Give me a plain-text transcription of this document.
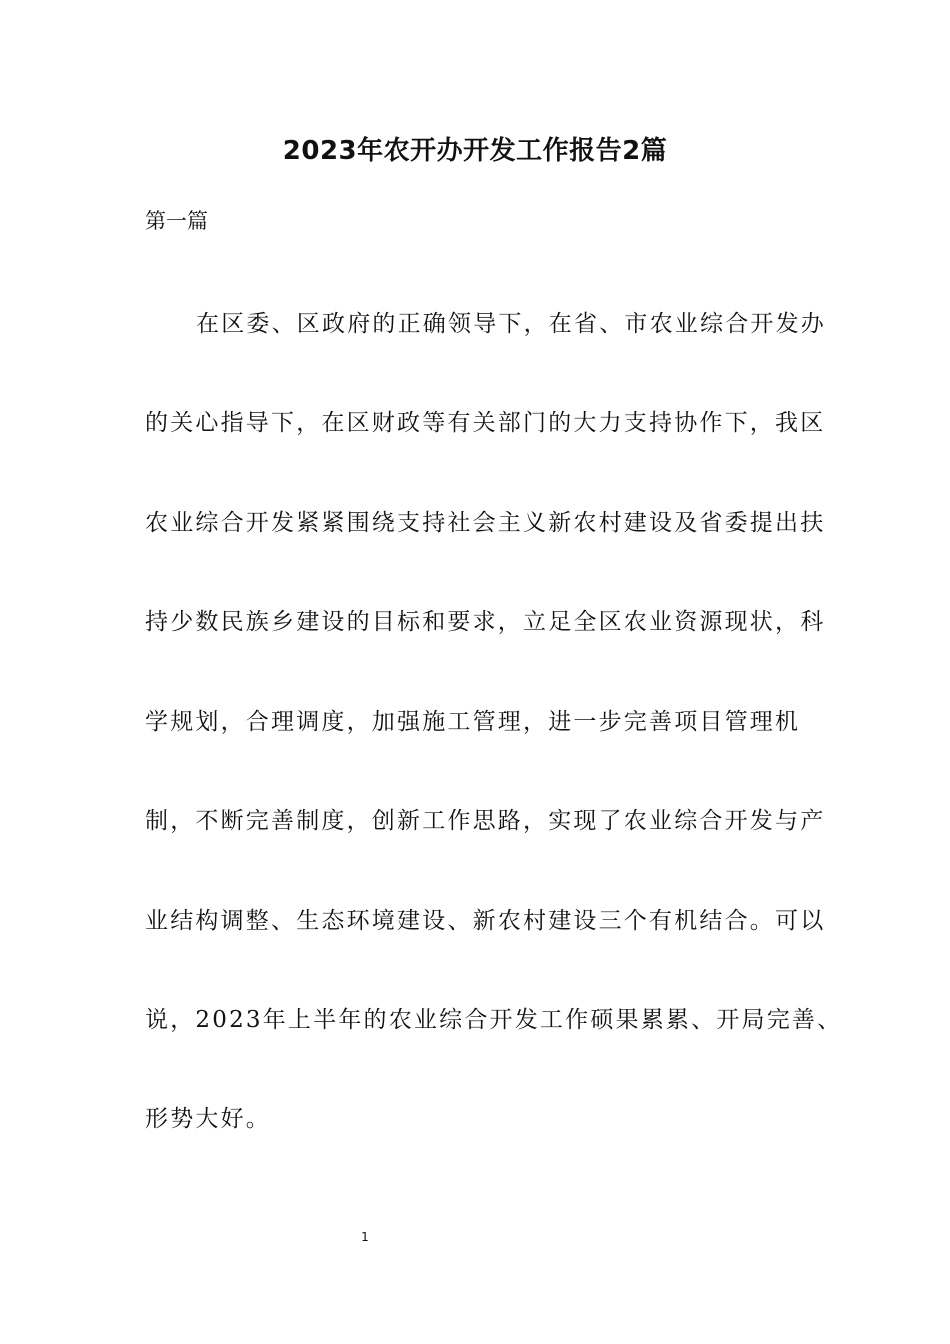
2023年农开办开发工作报告2篇

第一篇

在区委、区政府的正确领导下，在省、市农业综合开发办

的关心指导下，在区财政等有关部门的大力支持协作下，我区

农业综合开发紧紧围绕支持社会主义新农村建设及省委提出扶

持少数民族乡建设的目标和要求，立足全区农业资源现状，科

学规划，合理调度，加强施工管理，进一步完善项目管理机

制，不断完善制度，创新工作思路，实现了农业综合开发与产

业结构调整、生态环境建设、新农村建设三个有机结合。可以

说，2023年上半年的农业综合开发工作硕果累累、开局完善、

形势大好。

1
